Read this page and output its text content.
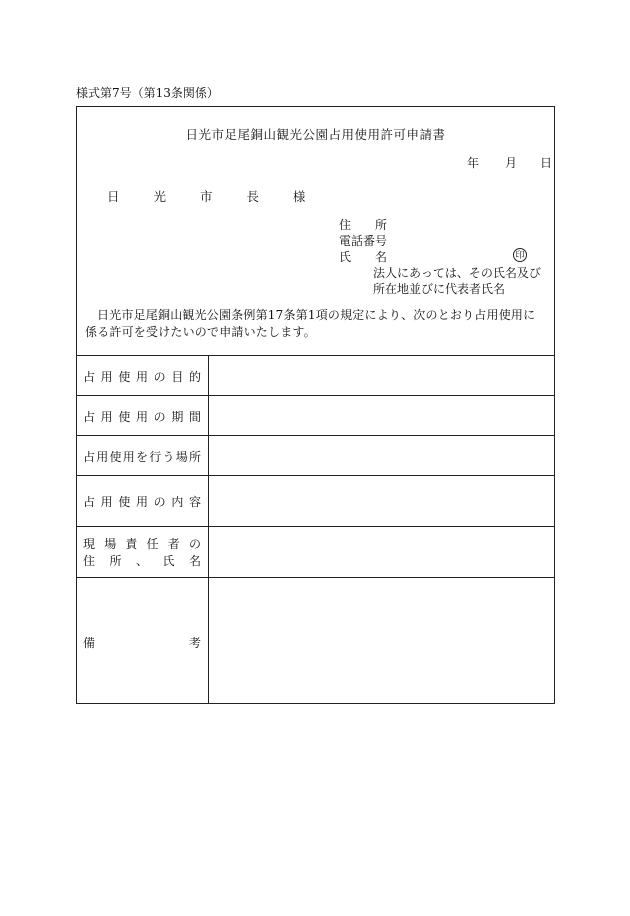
様式第7号（第13条関係）
日光市足尾銅山観光公園占用使用許可申請書
年 月 日
日 光 市 長 様
住　　所
電話番号
氏　　名	印
法人にあっては、その氏名及び
所在地並びに代表者氏名
日光市足尾銅山観光公園条例第17条第1項の規定により、次のとおり占用使用に係る許可を受けたいので申請いたします。
占用使用の目的
占用使用の期間
占用使用を行う場所
占用使用の内容
現場責任者の
住所、氏名
備考
